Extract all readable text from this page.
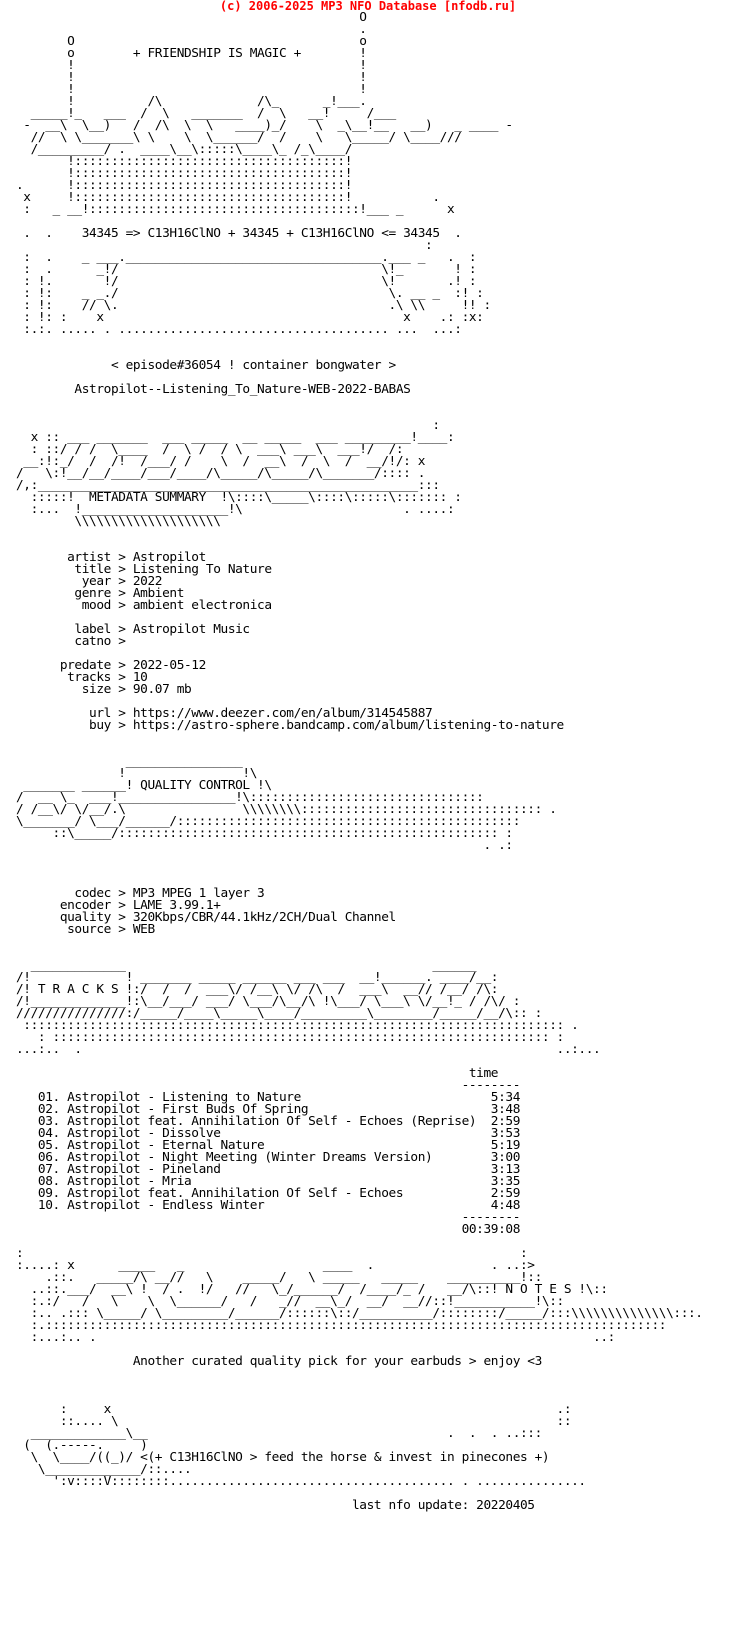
(c) 2006-2025 MP3 NFO Database [nfodb.ru]
O
.
O                                       o
o        + FRIENDSHIP IS MAGIC +        !
!                                       !
!                                       !
!                                       !
!          /\             /\_      _!___.
_____!_   ___  /  \   _______  /  \   __!     /___
-  __\  \__)   /  /\  \  \   ____)_/    \  _\__!__   __)   _ ____ -
//  \ \_______\ \    \  \______/  /    \   \_____/ \____///
/_________/ .  ____\__\:::::\____\_ /_\____/
!:::::::::::::::::::::::::::::::::::::!
!:::::::::::::::::::::::::::::::::::::!
.      !:::::::::::::::::::::::::::::::::::::!
x     !:::::::::::::::::::::::::::::::::::::!           .
:   _ __!:::::::::::::::::::::::::::::::::::::!___ _      x

.  .    34345 => C13H16ClNO + 34345 + C13H16ClNO <= 34345  .
:
:  .    _ ___.___________________________________.___ _   .  :
:  .      _!/                                    \!_       ! :
: !.       !/                                    \!       .! :
: !:    _ _./                                     \. __ _  :! :
: !:    // \.                                     .\ \\     !! :
: !: :    x                                         x    .: :x:
:.:. ..... . ..................................... ...  ...:

< episode#36054 ! container bongwater >

Astropilot--Listening_To_Nature-WEB-2022-BABAS

:
x :: ___ _______  ___ _____  __ _____  ___ _________!____:
: ::/ / /  \____  /  \ /  / \  ___\ ___\  ___!/  /:
__:!:_/  /  /!  /___/ /    \  /  __\  /  \  /  __/!/: x
/   \:!__/__/____/___/____/\_____/\_____/\_______/:::: .
/,:____________________________________________________:::
:::::!  METADATA SUMMARY  !\::::\_____\::::\:::::\::::::: :
:...  !____________________!\                      . ....:
\\\\\\\\\\\\\\\\\\\\

artist > Astropilot
title > Listening To Nature
year > 2022
genre > Ambient
mood > ambient electronica

label > Astropilot Music
catno >

predate > 2022-05-12
tracks > 10
size > 90.07 mb

url > https://www.deezer.com/en/album/314545887
buy > https://astro-sphere.bandcamp.com/album/listening-to-nature

________________
!                !\
_______ ______! QUALITY CONTROL !\
/  __ \_  ___!________________!\::::::::::::::::::::::::::::::::
/ /__\/ \/__/.\                \\\\\\\\::::::::::::::::::::::::::::::::: .
\_______/ \___/______/:::::::::::::::::::::::::::::::::::::::::::::::
::\_____/:::::::::::::::::::::::::::::::::::::::::::::::::::: :
. .:

codec > MP3 MPEG 1 layer 3
encoder > LAME 3.99.1+
quality > 320Kbps/CBR/44.1kHz/2CH/Dual Channel
source > WEB

_____________                                          ______
/!             ! _______ _____ ______ ___ ___  __!______. ____/__:
/! T R A C K S !:/  /  /  ___\/ /__\ \/ /\  /  ___\  __// /__/ /\:
/!_____________!:\__/___/ ___/ \___/\__/\ !\___/ \___\ \/__!_ / /\/ :
///////////////:/_____/____\_____\____/_________\________/_____/__/\:: :
:::::::::::::::::::::::::::::::::::::::::::::::::::::::::::::::::::::::::: .
: :::::::::::::::::::::::::::::::::::::::::::::::::::::::::::::::::::: :
...:..  .                                                                 ..:...

time
--------
01. Astropilot - Listening to Nature                          5:34
02. Astropilot - First Buds Of Spring                         3:48
03. Astropilot feat. Annihilation Of Self - Echoes (Reprise)  2:59
04. Astropilot - Dissolve                                     3:53
05. Astropilot - Eternal Nature                               5:19
06. Astropilot - Night Meeting (Winter Dreams Version)        3:00
07. Astropilot - Pineland                                     3:13
08. Astropilot - Mria                                         3:35
09. Astropilot feat. Annihilation Of Self - Echoes            2:59
10. Astropilot - Endless Winter                               4:48
--------
00:39:08

:                                                                    :
:....: x      _____   _                   ____  .                . ..:>
.::.   _____/\ __//   \    _____/   \ _____   _____    __________!::
..::.___/  __\ !  / .  !/   //   \_/______/  /____/_ /   __/\::! N O T E S !\::
:.:/   /   \    \  \______/   /   _//  __\_/  __/  __//::!___________!\::
:.. .::: \_____/ \_________/______/::::::\::/__________/::::::::/_____/:::\\\\\\\\\\\\\\:::.
:.:::::::::::::::::::::::::::::::::::::::::::::::::::::::::::::::::::::::::::::::::::::
:...:.. .                                                                    ..:

Another curated quality pick for your earbuds > enjoy <3

:     x                                                             .:
::.... \                                                            ::
_____________\__                                         .  .  . ..:::
(  (.-----.     )
\  \____/((_)/ <(+ C13H16ClNO > feed the horse & invest in pinecones +)
\_____________/::....
':v::::V::::::::....................................... . ...............

last nfo update: 20220405
